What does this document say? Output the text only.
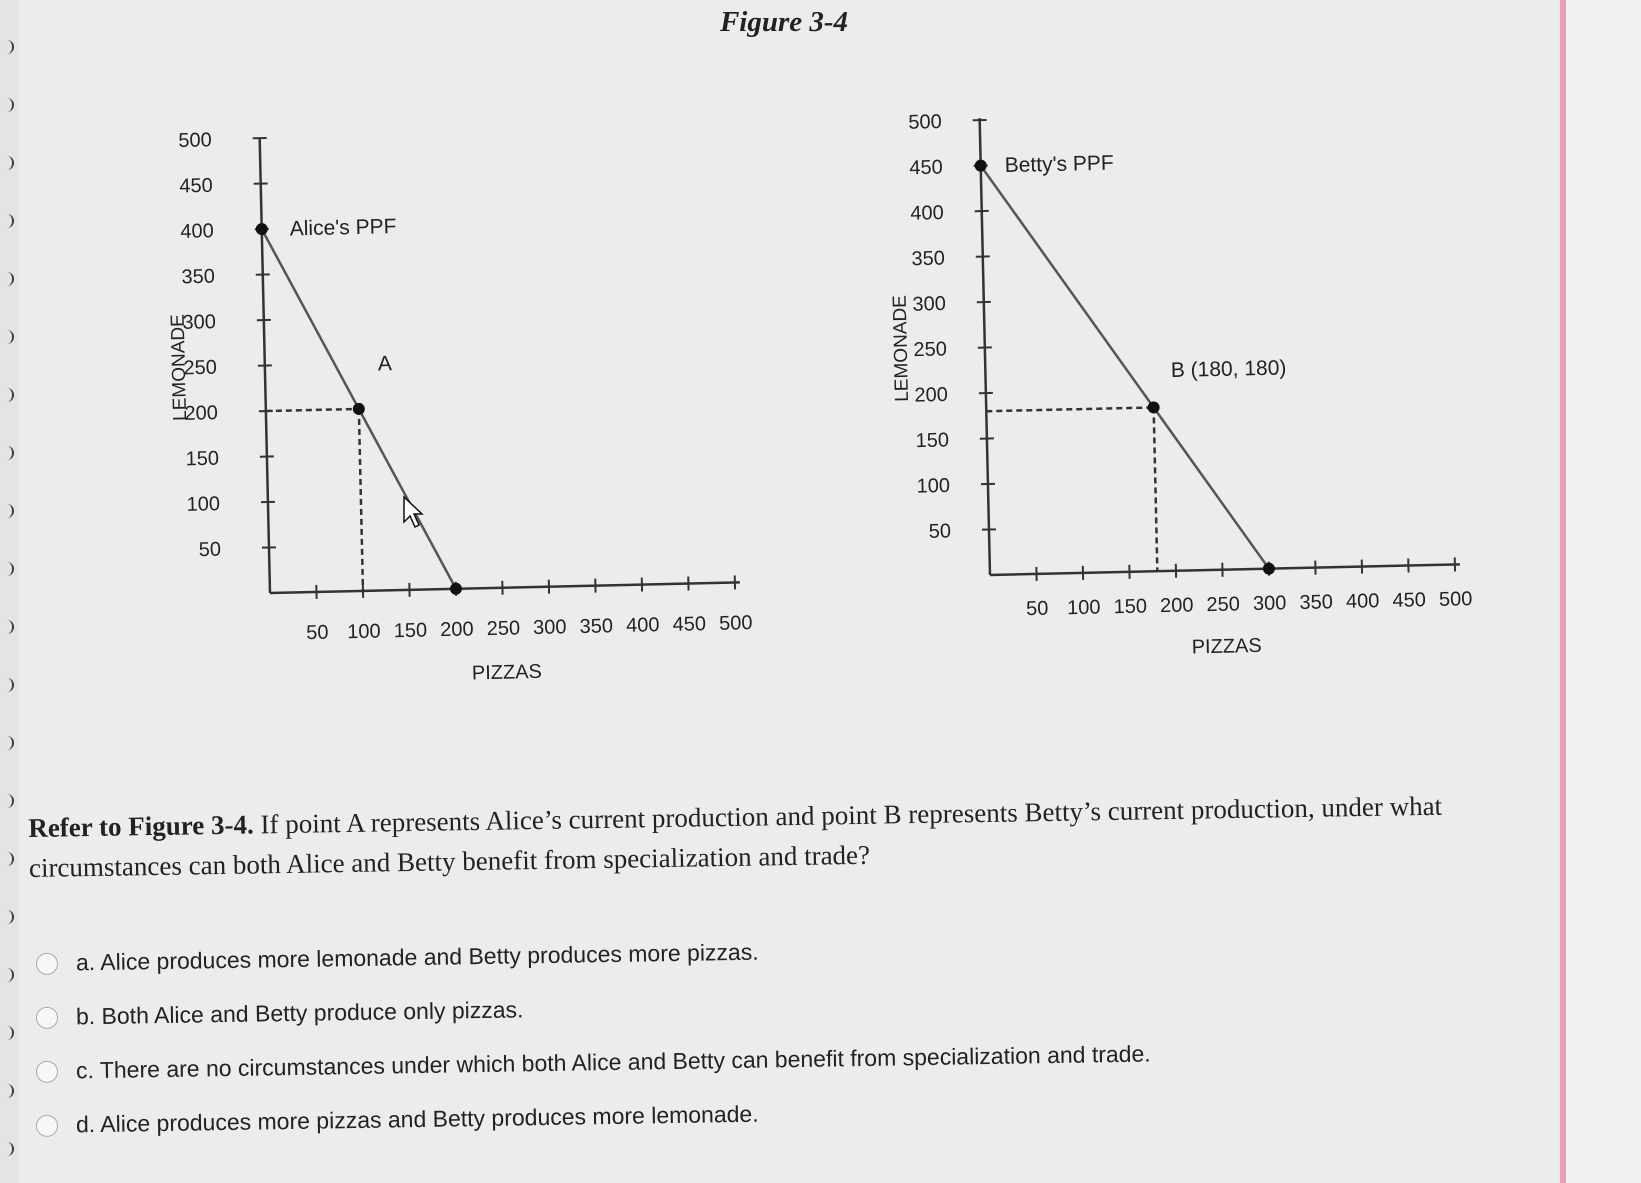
Figure 3-4
50
100
150
200
250
300
350
400
450
500
50 100 150 200 250 300 350 400 450 500
LEMONADE
PIZZAS
Alice's PPF
A
50
100
150
200
250
300
350
400
450
500
50 100 150 200 250 300 350 400 450 500
LEMONADE
PIZZAS
Betty's PPF
B (180, 180)
Refer to Figure 3-4. If point A represents Alice’s current production and point B represents Betty’s current production, under what circumstances can both Alice and Betty benefit from specialization and trade?
a. Alice produces more lemonade and Betty produces more pizzas.
b. Both Alice and Betty produce only pizzas.
c. There are no circumstances under which both Alice and Betty can benefit from specialization and trade.
d. Alice produces more pizzas and Betty produces more lemonade.
